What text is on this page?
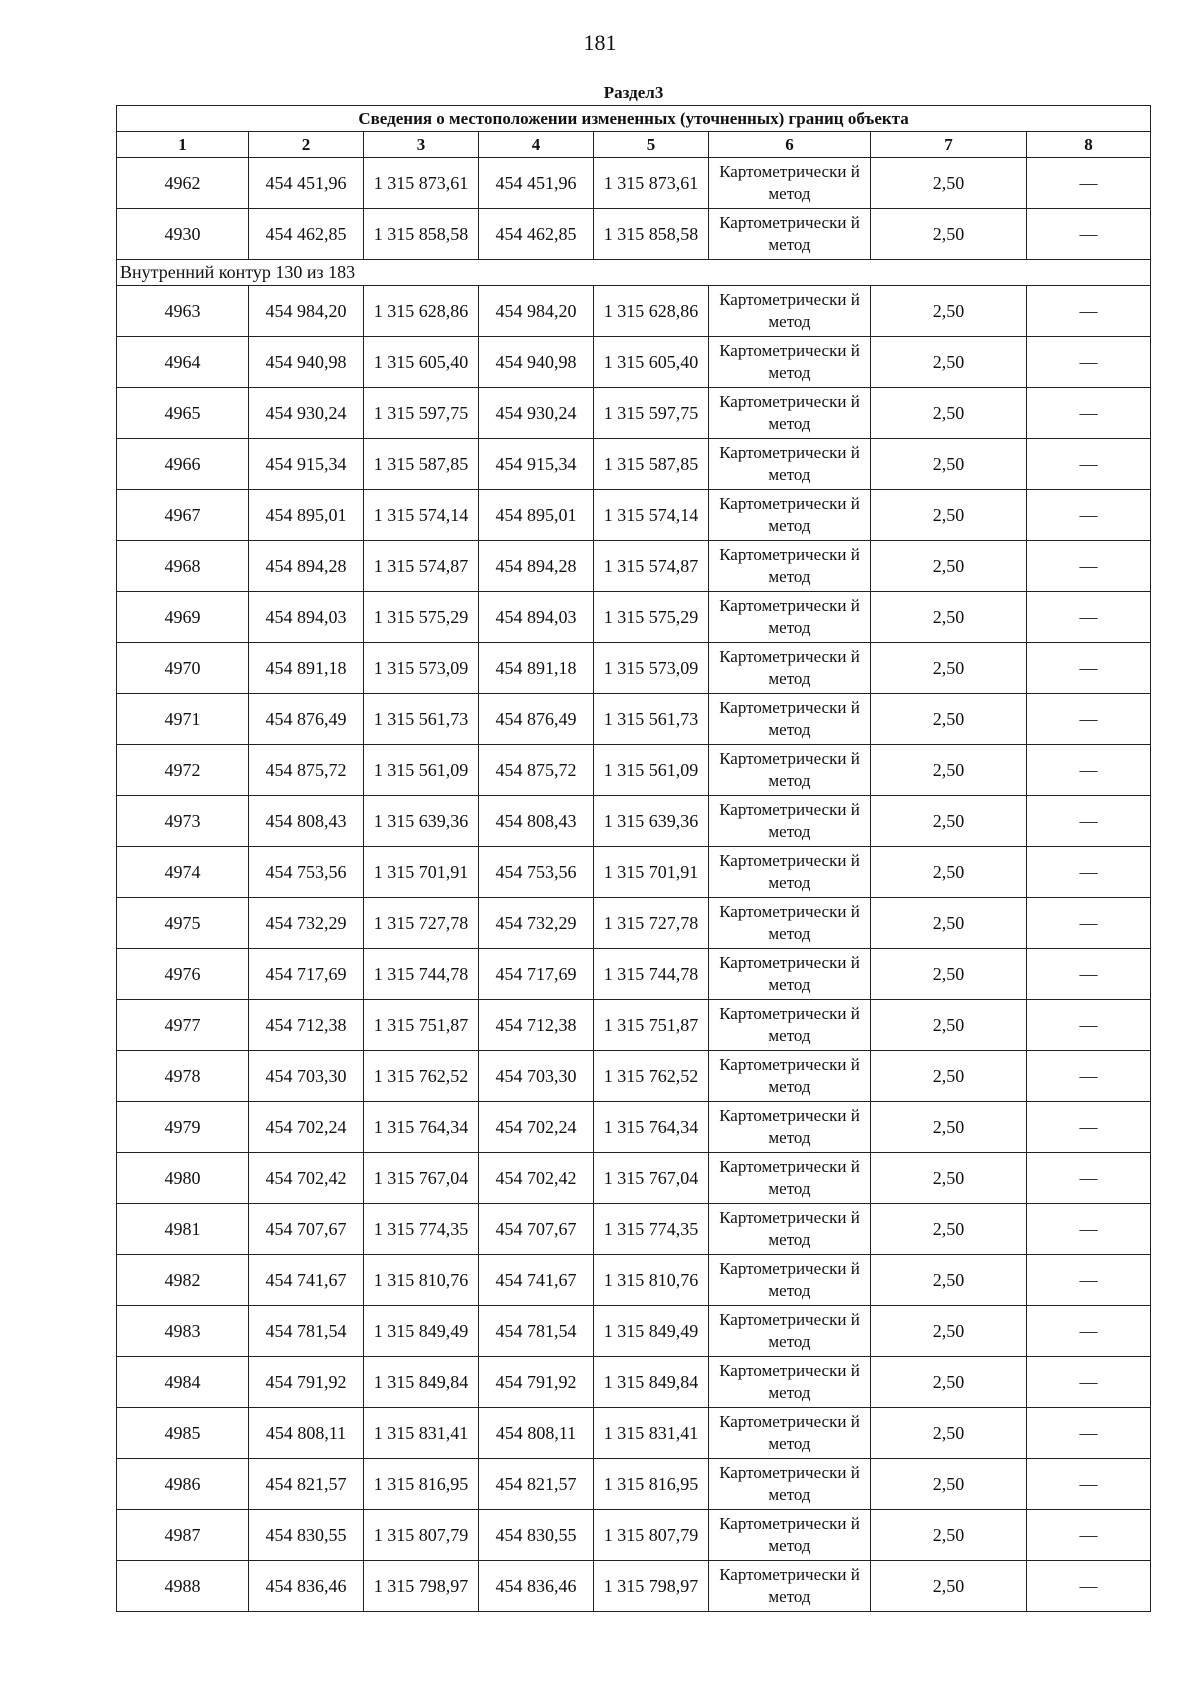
181
Раздел3							
Сведения о местоположении измененных (уточненных) границ объекта							
1	2	3	4	5	6	7	8
4962	454 451,96	1 315 873,61	454 451,96	1 315 873,61	Картометрически й метод	2,50	—
4930	454 462,85	1 315 858,58	454 462,85	1 315 858,58	Картометрически й метод	2,50	—
Внутренний контур 130 из 183							
4963	454 984,20	1 315 628,86	454 984,20	1 315 628,86	Картометрически й метод	2,50	—
4964	454 940,98	1 315 605,40	454 940,98	1 315 605,40	Картометрически й метод	2,50	—
4965	454 930,24	1 315 597,75	454 930,24	1 315 597,75	Картометрически й метод	2,50	—
4966	454 915,34	1 315 587,85	454 915,34	1 315 587,85	Картометрически й метод	2,50	—
4967	454 895,01	1 315 574,14	454 895,01	1 315 574,14	Картометрически й метод	2,50	—
4968	454 894,28	1 315 574,87	454 894,28	1 315 574,87	Картометрически й метод	2,50	—
4969	454 894,03	1 315 575,29	454 894,03	1 315 575,29	Картометрически й метод	2,50	—
4970	454 891,18	1 315 573,09	454 891,18	1 315 573,09	Картометрически й метод	2,50	—
4971	454 876,49	1 315 561,73	454 876,49	1 315 561,73	Картометрически й метод	2,50	—
4972	454 875,72	1 315 561,09	454 875,72	1 315 561,09	Картометрически й метод	2,50	—
4973	454 808,43	1 315 639,36	454 808,43	1 315 639,36	Картометрически й метод	2,50	—
4974	454 753,56	1 315 701,91	454 753,56	1 315 701,91	Картометрически й метод	2,50	—
4975	454 732,29	1 315 727,78	454 732,29	1 315 727,78	Картометрически й метод	2,50	—
4976	454 717,69	1 315 744,78	454 717,69	1 315 744,78	Картометрически й метод	2,50	—
4977	454 712,38	1 315 751,87	454 712,38	1 315 751,87	Картометрически й метод	2,50	—
4978	454 703,30	1 315 762,52	454 703,30	1 315 762,52	Картометрически й метод	2,50	—
4979	454 702,24	1 315 764,34	454 702,24	1 315 764,34	Картометрически й метод	2,50	—
4980	454 702,42	1 315 767,04	454 702,42	1 315 767,04	Картометрически й метод	2,50	—
4981	454 707,67	1 315 774,35	454 707,67	1 315 774,35	Картометрически й метод	2,50	—
4982	454 741,67	1 315 810,76	454 741,67	1 315 810,76	Картометрически й метод	2,50	—
4983	454 781,54	1 315 849,49	454 781,54	1 315 849,49	Картометрически й метод	2,50	—
4984	454 791,92	1 315 849,84	454 791,92	1 315 849,84	Картометрически й метод	2,50	—
4985	454 808,11	1 315 831,41	454 808,11	1 315 831,41	Картометрически й метод	2,50	—
4986	454 821,57	1 315 816,95	454 821,57	1 315 816,95	Картометрически й метод	2,50	—
4987	454 830,55	1 315 807,79	454 830,55	1 315 807,79	Картометрически й метод	2,50	—
4988	454 836,46	1 315 798,97	454 836,46	1 315 798,97	Картометрически й метод	2,50	—
